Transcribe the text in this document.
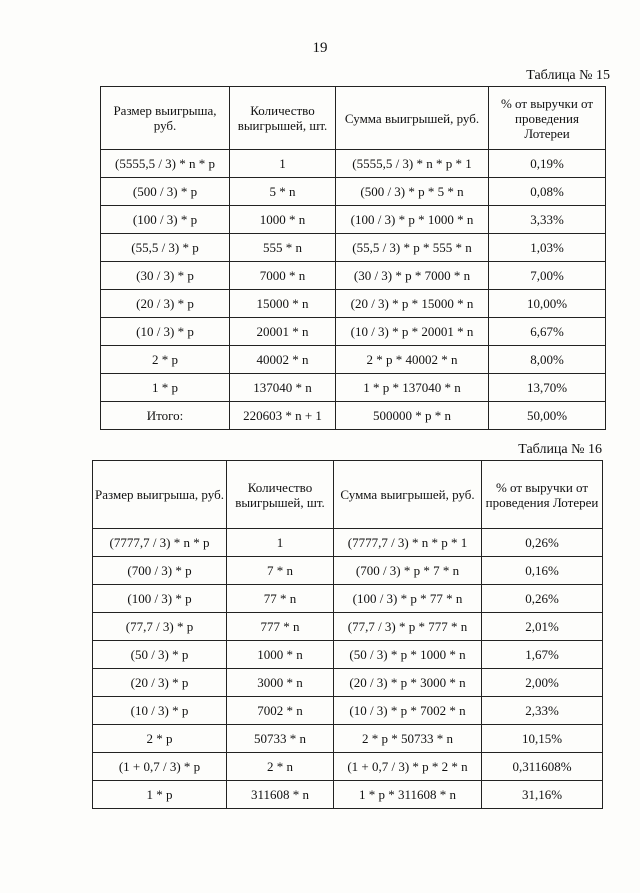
19
Таблица № 15
Размер выигрыша, руб.	Количество выигрышей, шт.	Сумма выигрышей, руб.	% от выручки от проведения Лотереи
(5555,5 / 3) * n * p	1	(5555,5 / 3) * n * p * 1	0,19%
(500 / 3) * p	5 * n	(500 / 3) * p * 5 * n	0,08%
(100 / 3) * p	1000 * n	(100 / 3) * p * 1000 * n	3,33%
(55,5 / 3) * p	555 * n	(55,5 / 3) * p * 555 * n	1,03%
(30 / 3) * p	7000 * n	(30 / 3) * p * 7000 * n	7,00%
(20 / 3) * p	15000 * n	(20 / 3) * p * 15000 * n	10,00%
(10 / 3) * p	20001 * n	(10 / 3) * p * 20001 * n	6,67%
2 * p	40002 * n	2 * p * 40002 * n	8,00%
1 * p	137040 * n	1 * p * 137040 * n	13,70%
Итого:	220603 * n + 1	500000 * p * n	50,00%
Таблица № 16
Размер выигрыша, руб.	Количество выигрышей, шт.	Сумма выигрышей, руб.	% от выручки от проведения Лотереи
(7777,7 / 3) * n * p	1	(7777,7 / 3) * n * p * 1	0,26%
(700 / 3) * p	7 * n	(700 / 3) * p * 7 * n	0,16%
(100 / 3) * p	77 * n	(100 / 3) * p * 77 * n	0,26%
(77,7 / 3) * p	777 * n	(77,7 / 3) * p * 777 * n	2,01%
(50 / 3) * p	1000 * n	(50 / 3) * p * 1000 * n	1,67%
(20 / 3) * p	3000 * n	(20 / 3) * p * 3000 * n	2,00%
(10 / 3) * p	7002 * n	(10 / 3) * p * 7002 * n	2,33%
2 * p	50733 * n	2 * p * 50733 * n	10,15%
(1 + 0,7 / 3) * p	2 * n	(1 + 0,7 / 3) * p * 2 * n	0,311608%
1 * p	311608 * n	1 * p * 311608 * n	31,16%
